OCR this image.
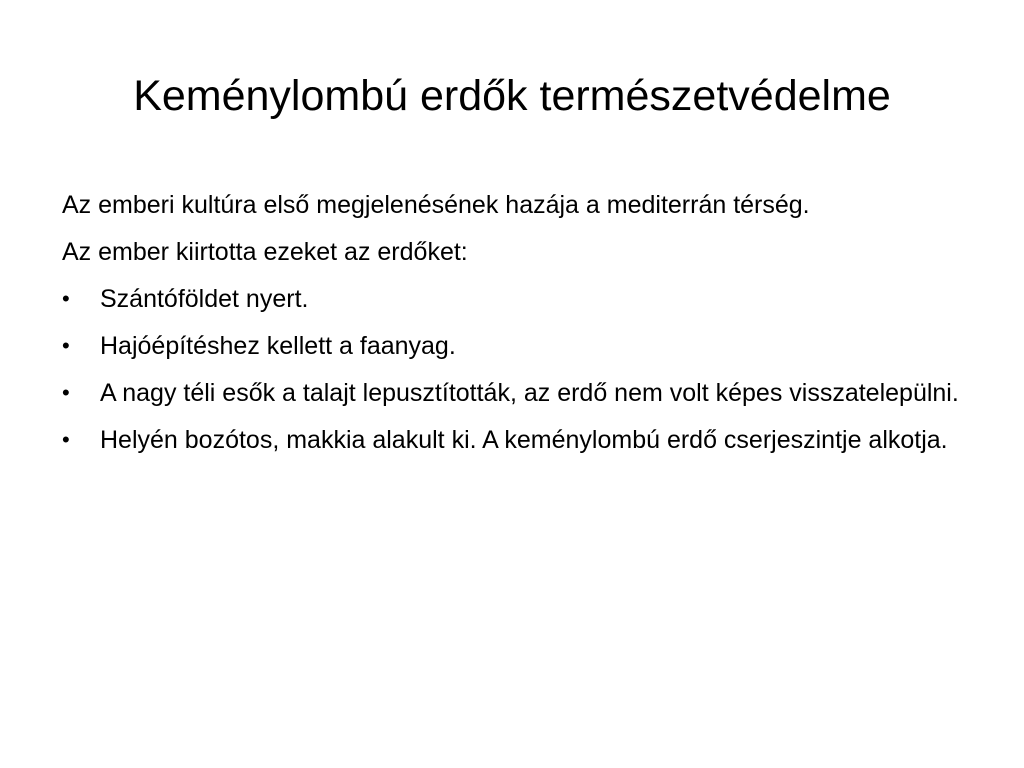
Keménylombú erdők természetvédelme
Az emberi kultúra első megjelenésének hazája a mediterrán térség.
Az ember kiirtotta ezeket az erdőket:
•	Szántóföldet nyert.
•	Hajóépítéshez kellett a faanyag.
•	A nagy téli esők a talajt lepusztították, az erdő nem volt képes visszatelepülni.
•	Helyén bozótos, makkia alakult ki. A keménylombú erdő cserjeszintje alkotja.
